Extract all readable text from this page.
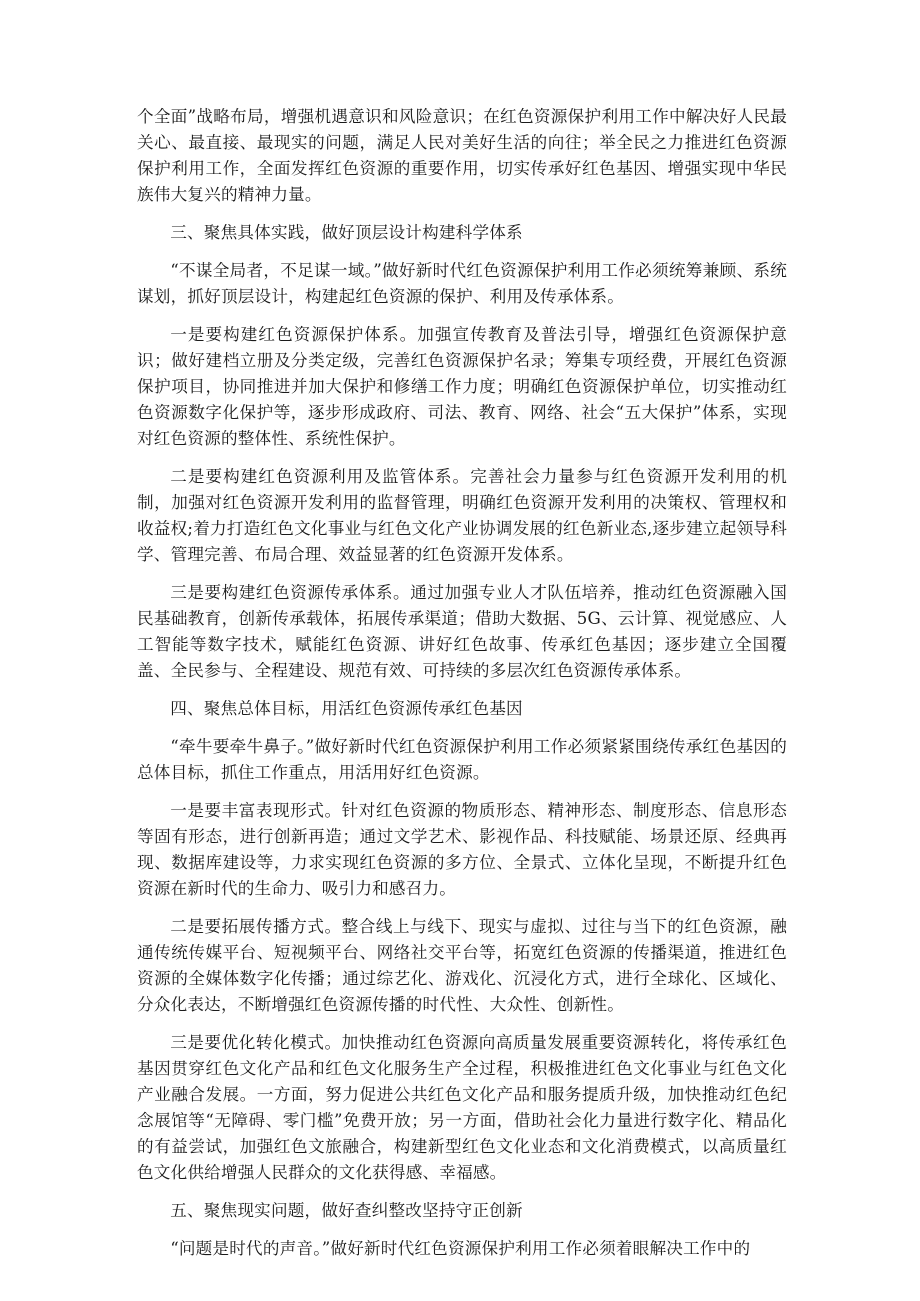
个全面”战略布局，增强机遇意识和风险意识；在红色资源保护利用工作中解决好人民最关心、最直接、最现实的问题，满足人民对美好生活的向往；举全民之力推进红色资源保护利用工作，全面发挥红色资源的重要作用，切实传承好红色基因、增强实现中华民族伟大复兴的精神力量。

三、聚焦具体实践，做好顶层设计构建科学体系

“不谋全局者，不足谋一域。”做好新时代红色资源保护利用工作必须统筹兼顾、系统谋划，抓好顶层设计，构建起红色资源的保护、利用及传承体系。

一是要构建红色资源保护体系。加强宣传教育及普法引导，增强红色资源保护意识；做好建档立册及分类定级，完善红色资源保护名录；筹集专项经费，开展红色资源保护项目，协同推进并加大保护和修缮工作力度；明确红色资源保护单位，切实推动红色资源数字化保护等，逐步形成政府、司法、教育、网络、社会“五大保护”体系，实现对红色资源的整体性、系统性保护。

二是要构建红色资源利用及监管体系。完善社会力量参与红色资源开发利用的机制，加强对红色资源开发利用的监督管理，明确红色资源开发利用的决策权、管理权和收益权;着力打造红色文化事业与红色文化产业协调发展的红色新业态,逐步建立起领导科学、管理完善、布局合理、效益显著的红色资源开发体系。

三是要构建红色资源传承体系。通过加强专业人才队伍培养，推动红色资源融入国民基础教育，创新传承载体，拓展传承渠道；借助大数据、5G、云计算、视觉感应、人工智能等数字技术，赋能红色资源、讲好红色故事、传承红色基因；逐步建立全国覆盖、全民参与、全程建设、规范有效、可持续的多层次红色资源传承体系。

四、聚焦总体目标，用活红色资源传承红色基因

“牵牛要牵牛鼻子。”做好新时代红色资源保护利用工作必须紧紧围绕传承红色基因的总体目标，抓住工作重点，用活用好红色资源。

一是要丰富表现形式。针对红色资源的物质形态、精神形态、制度形态、信息形态等固有形态，进行创新再造；通过文学艺术、影视作品、科技赋能、场景还原、经典再现、数据库建设等，力求实现红色资源的多方位、全景式、立体化呈现，不断提升红色资源在新时代的生命力、吸引力和感召力。

二是要拓展传播方式。整合线上与线下、现实与虚拟、过往与当下的红色资源，融通传统传媒平台、短视频平台、网络社交平台等，拓宽红色资源的传播渠道，推进红色资源的全媒体数字化传播；通过综艺化、游戏化、沉浸化方式，进行全球化、区域化、分众化表达，不断增强红色资源传播的时代性、大众性、创新性。

三是要优化转化模式。加快推动红色资源向高质量发展重要资源转化，将传承红色基因贯穿红色文化产品和红色文化服务生产全过程，积极推进红色文化事业与红色文化产业融合发展。一方面，努力促进公共红色文化产品和服务提质升级，加快推动红色纪念展馆等“无障碍、零门槛”免费开放；另一方面，借助社会化力量进行数字化、精品化的有益尝试，加强红色文旅融合，构建新型红色文化业态和文化消费模式，以高质量红色文化供给增强人民群众的文化获得感、幸福感。

五、聚焦现实问题，做好查纠整改坚持守正创新

“问题是时代的声音。”做好新时代红色资源保护利用工作必须着眼解决工作中的
